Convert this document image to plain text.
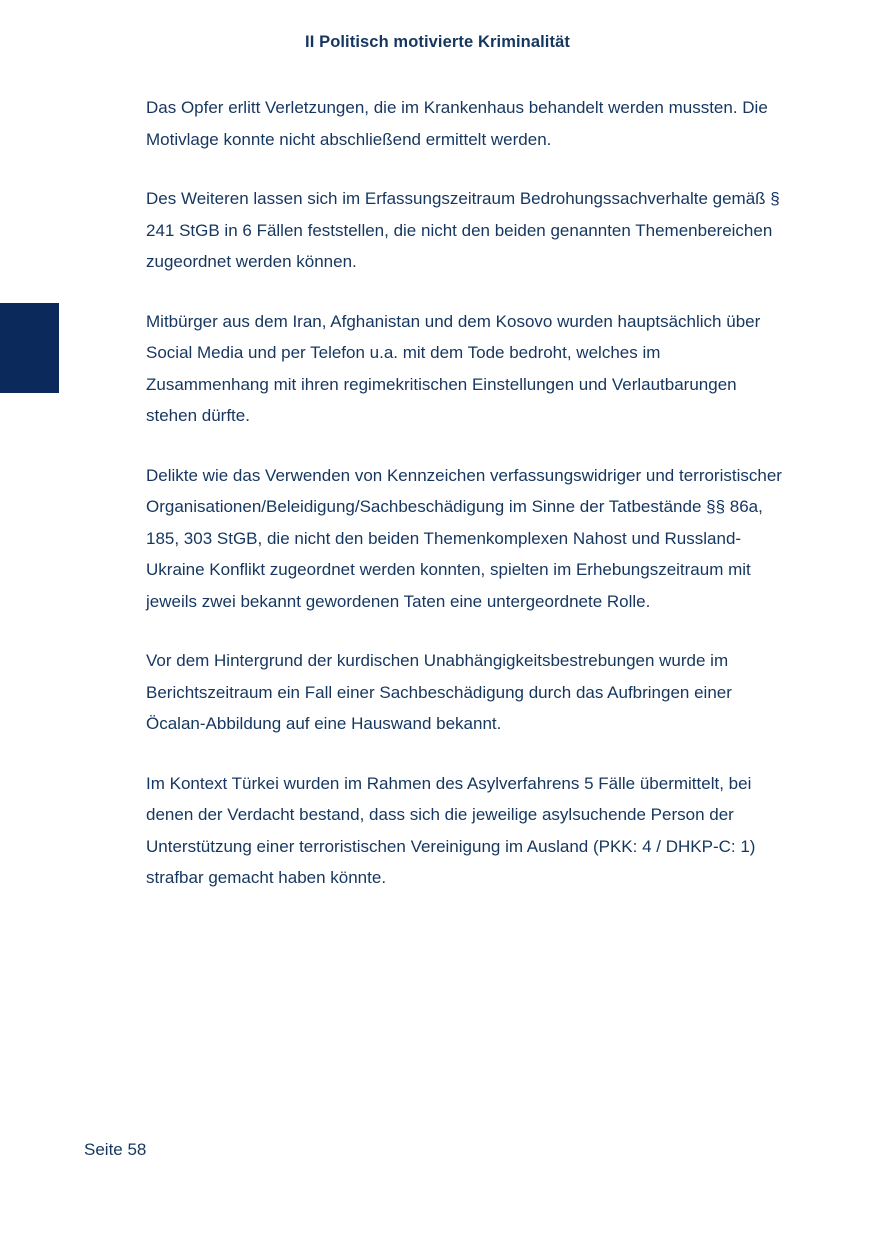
II Politisch motivierte Kriminalität

Das Opfer erlitt Verletzungen, die im Krankenhaus behandelt werden mussten. Die Motivlage konnte nicht abschließend ermittelt werden.

Des Weiteren lassen sich im Erfassungszeitraum Bedrohungssachverhalte gemäß § 241 StGB in 6 Fällen feststellen, die nicht den beiden genannten Themenbereichen zugeordnet werden können.

Mitbürger aus dem Iran, Afghanistan und dem Kosovo wurden hauptsächlich über Social Media und per Telefon u.a. mit dem Tode bedroht, welches im Zusammenhang mit ihren regimekritischen Einstellungen und Verlautbarungen stehen dürfte.

Delikte wie das Verwenden von Kennzeichen verfassungswidriger und terroristischer Organisationen/Beleidigung/Sachbeschädigung im Sinne der Tatbestände §§ 86a, 185, 303 StGB, die nicht den beiden Themenkomplexen Nahost und Russland-Ukraine Konflikt zugeordnet werden konnten, spielten im Erhebungszeitraum mit jeweils zwei bekannt gewordenen Taten eine untergeordnete Rolle.

Vor dem Hintergrund der kurdischen Unabhängigkeitsbestrebungen wurde im Berichtszeitraum ein Fall einer Sachbeschädigung durch das Aufbringen einer Öcalan-Abbildung auf eine Hauswand bekannt.

Im Kontext Türkei wurden im Rahmen des Asylverfahrens 5 Fälle übermittelt, bei denen der Verdacht bestand, dass sich die jeweilige asylsuchende Person der Unterstützung einer terroristischen Vereinigung im Ausland (PKK: 4 / DHKP-C: 1) strafbar gemacht haben könnte.

Seite 58
